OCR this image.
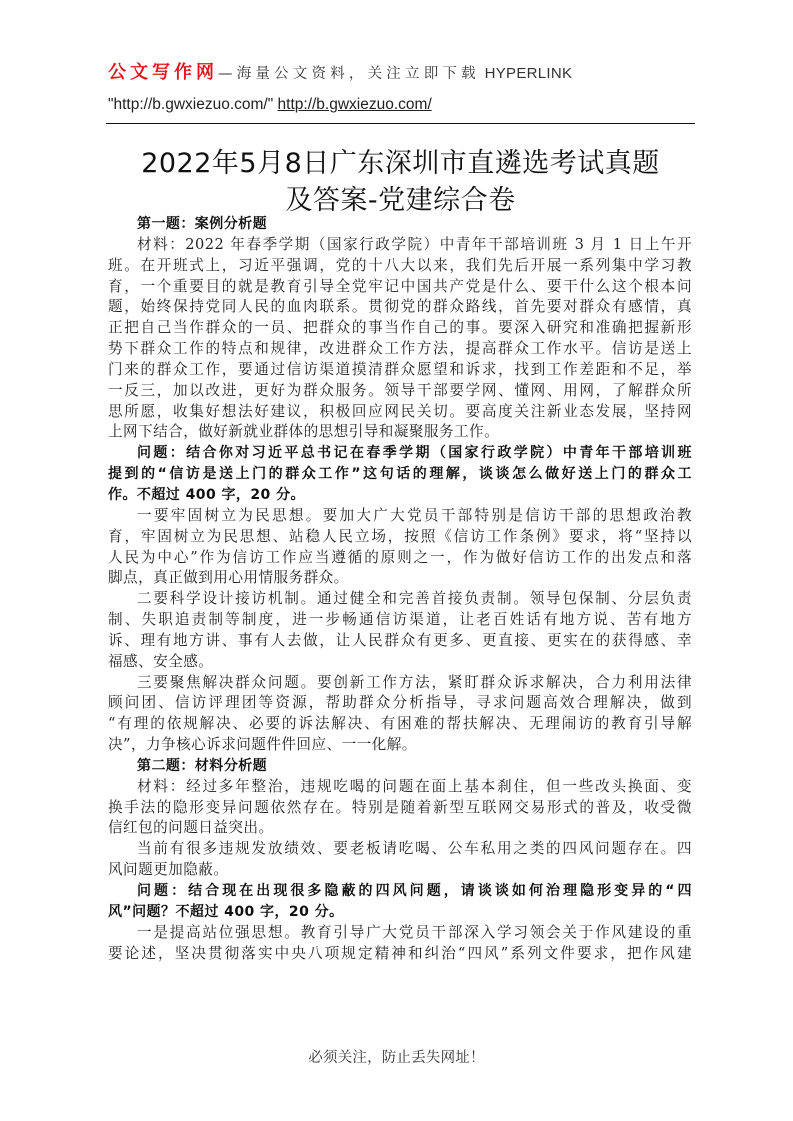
公文写作网—海量公文资料，关注立即下载 HYPERLINK
"http://b.gwxiezuo.com/" http://b.gwxiezuo.com/
2022年5月8日广东深圳市直遴选考试真题
及答案-党建综合卷
第一题：案例分析题
材料：2022 年春季学期（国家行政学院）中青年干部培训班 3 月 1 日上午开
班。在开班式上，习近平强调，党的十八大以来，我们先后开展一系列集中学习教
育，一个重要目的就是教育引导全党牢记中国共产党是什么、要干什么这个根本问
题，始终保持党同人民的血肉联系。贯彻党的群众路线，首先要对群众有感情，真
正把自己当作群众的一员、把群众的事当作自己的事。要深入研究和准确把握新形
势下群众工作的特点和规律，改进群众工作方法，提高群众工作水平。信访是送上
门来的群众工作，要通过信访渠道摸清群众愿望和诉求，找到工作差距和不足，举
一反三，加以改进，更好为群众服务。领导干部要学网、懂网、用网，了解群众所
思所愿，收集好想法好建议，积极回应网民关切。要高度关注新业态发展，坚持网
上网下结合，做好新就业群体的思想引导和凝聚服务工作。
问题：结合你对习近平总书记在春季学期（国家行政学院）中青年干部培训班
提到的“信访是送上门的群众工作”这句话的理解，谈谈怎么做好送上门的群众工
作。不超过 400 字，20 分。
一要牢固树立为民思想。要加大广大党员干部特别是信访干部的思想政治教
育，牢固树立为民思想、站稳人民立场，按照《信访工作条例》要求，将“坚持以
人民为中心”作为信访工作应当遵循的原则之一，作为做好信访工作的出发点和落
脚点，真正做到用心用情服务群众。
二要科学设计接访机制。通过健全和完善首接负责制。领导包保制、分层负责
制、失职追责制等制度，进一步畅通信访渠道，让老百姓话有地方说、苦有地方
诉、理有地方讲、事有人去做，让人民群众有更多、更直接、更实在的获得感、幸
福感、安全感。
三要聚焦解决群众问题。要创新工作方法，紧盯群众诉求解决，合力利用法律
顾问团、信访评理团等资源，帮助群众分析指导，寻求问题高效合理解决，做到
“有理的依规解决、必要的诉法解决、有困难的帮扶解决、无理闹访的教育引导解
决”，力争核心诉求问题件件回应、一一化解。
第二题：材料分析题
材料：经过多年整治，违规吃喝的问题在面上基本刹住，但一些改头换面、变
换手法的隐形变异问题依然存在。特别是随着新型互联网交易形式的普及，收受微
信红包的问题日益突出。
当前有很多违规发放绩效、要老板请吃喝、公车私用之类的四风问题存在。四
风问题更加隐蔽。
问题：结合现在出现很多隐蔽的四风问题，请谈谈如何治理隐形变异的“四
风”问题？不超过 400 字，20 分。
一是提高站位强思想。教育引导广大党员干部深入学习领会关于作风建设的重
要论述，坚决贯彻落实中央八项规定精神和纠治“四风”系列文件要求，把作风建
必须关注，防止丢失网址！
